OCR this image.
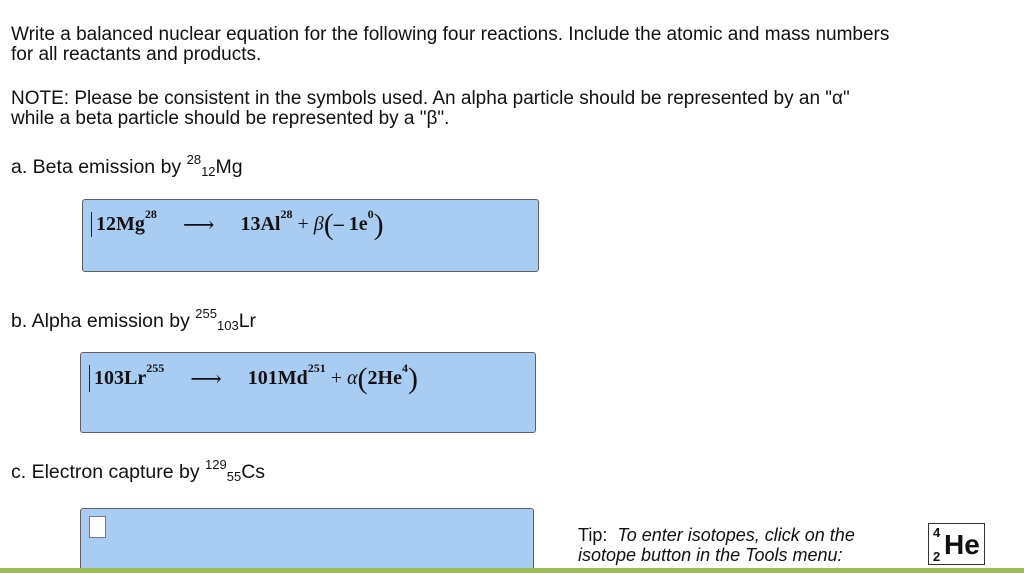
Write a balanced nuclear equation for the following four reactions. Include the atomic and mass numbers
for all reactants and products.
NOTE: Please be consistent in the symbols used. An alpha particle should be represented by an "α"
while a beta particle should be represented by a "β".
a. Beta emission by $^{28}_{12}$Mg
12Mg 28 ⟶ 13Al 28 + β ( – 1e 0 )
b. Alpha emission by $^{255}_{103}$Lr
103Lr 255 ⟶ 101Md 251 + α ( 2He 4 )
c. Electron capture by $^{129}_{55}$Cs
Tip:  To enter isotopes, click on the
isotope button in the Tools menu:
4
2 He
